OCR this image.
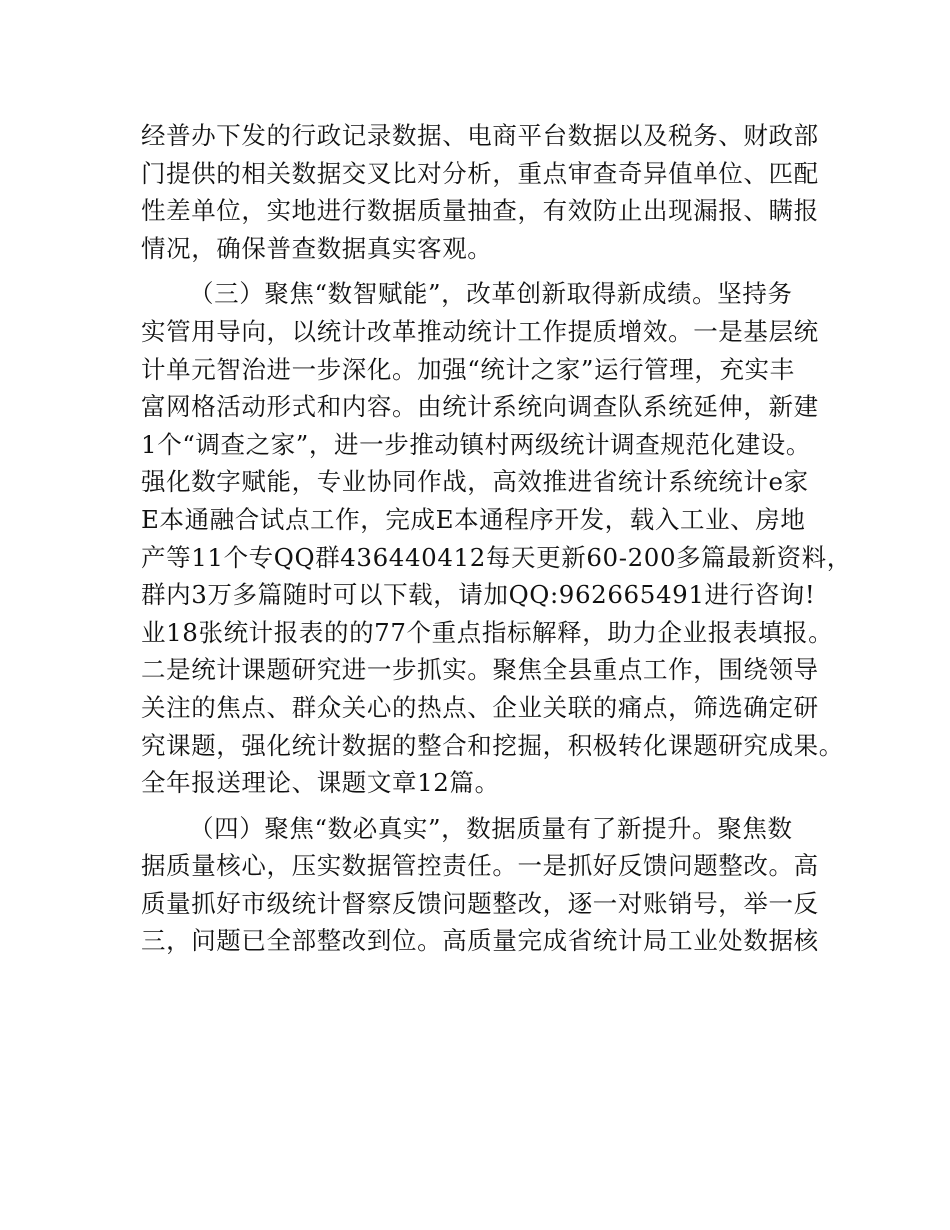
经普办下发的行政记录数据、电商平台数据以及税务、财政部
门提供的相关数据交叉比对分析，重点审查奇异值单位、匹配
性差单位，实地进行数据质量抽查，有效防止出现漏报、瞒报
情况，确保普查数据真实客观。
（三）聚焦“数智赋能”，改革创新取得新成绩。坚持务
实管用导向，以统计改革推动统计工作提质增效。一是基层统
计单元智治进一步深化。加强“统计之家”运行管理，充实丰
富网格活动形式和内容。由统计系统向调查队系统延伸，新建
1个“调查之家”，进一步推动镇村两级统计调查规范化建设。
强化数字赋能，专业协同作战，高效推进省统计系统统计e家
E本通融合试点工作，完成E本通程序开发，载入工业、房地
产等11个专QQ群436440412每天更新60-200多篇最新资料，
群内3万多篇随时可以下载，请加QQ:962665491进行咨询!
业18张统计报表的的77个重点指标解释，助力企业报表填报。
二是统计课题研究进一步抓实。聚焦全县重点工作，围绕领导
关注的焦点、群众关心的热点、企业关联的痛点，筛选确定研
究课题，强化统计数据的整合和挖掘，积极转化课题研究成果。
全年报送理论、课题文章12篇。
（四）聚焦“数必真实”，数据质量有了新提升。聚焦数
据质量核心，压实数据管控责任。一是抓好反馈问题整改。高
质量抓好市级统计督察反馈问题整改，逐一对账销号，举一反
三，问题已全部整改到位。高质量完成省统计局工业处数据核
